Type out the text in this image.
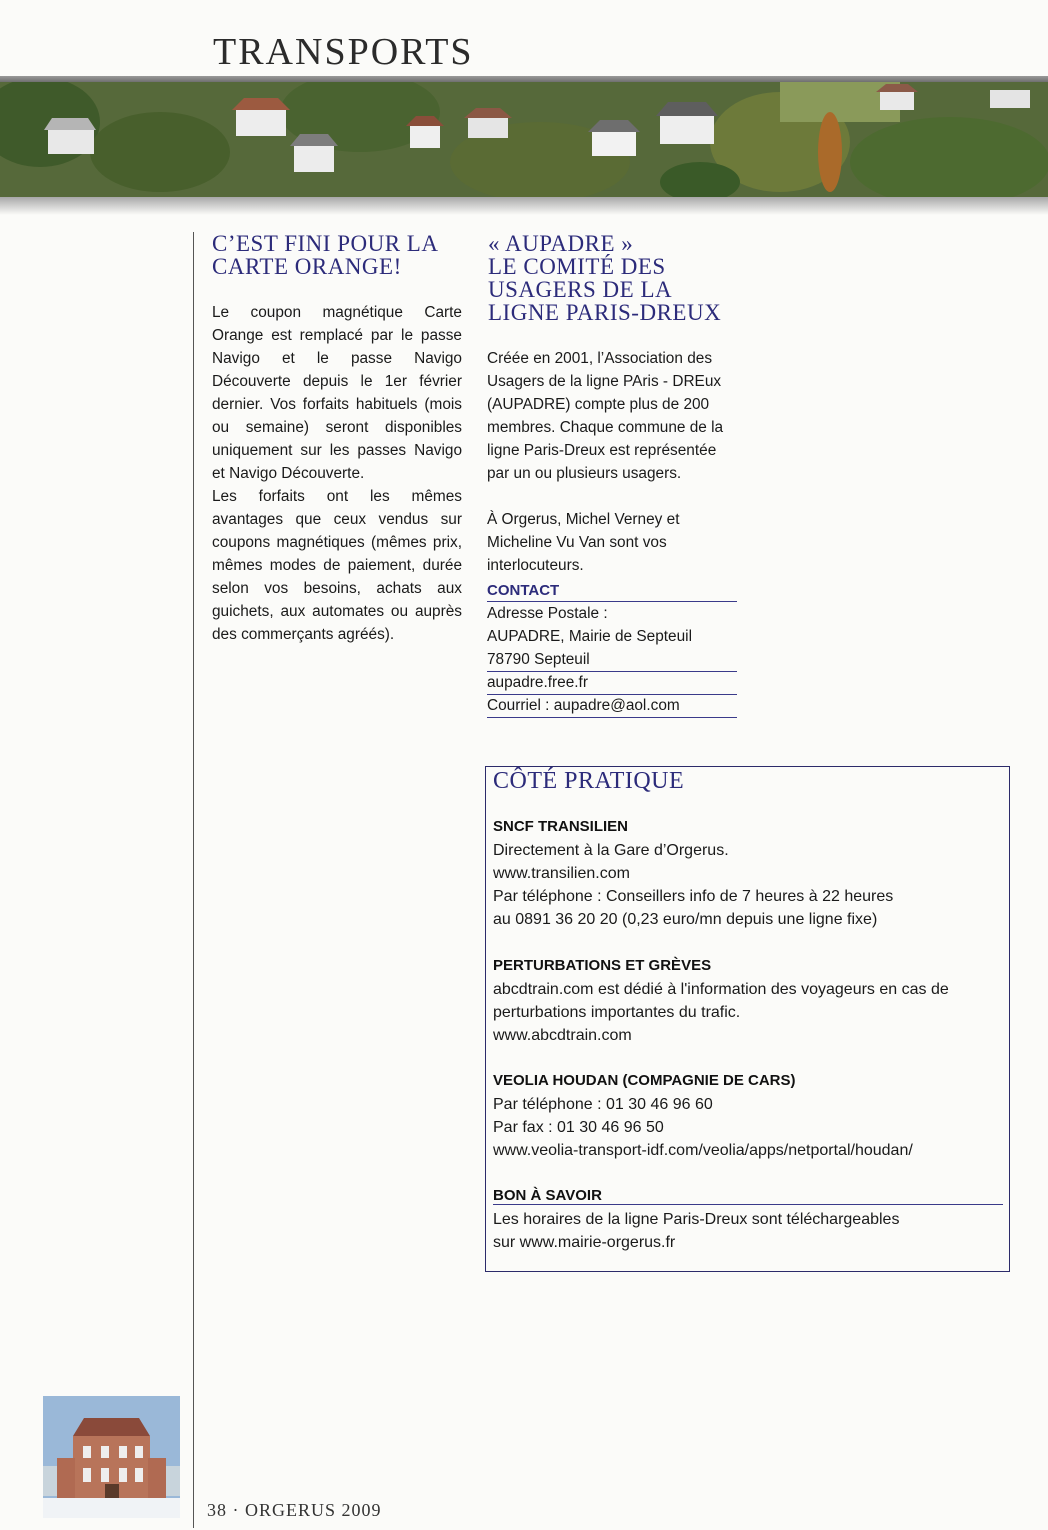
TRANSPORTS
C’EST FINI POUR LA
CARTE ORANGE!

Le coupon magnétique Carte Orange est remplacé par le passe Navigo et le passe Navigo Découverte depuis le 1er février dernier. Vos forfaits habituels (mois ou semaine) seront disponibles uniquement sur les passes Navigo et Navigo Découverte.

Les forfaits ont les mêmes avantages que ceux vendus sur coupons magnétiques (mêmes prix, mêmes modes de paiement, durée selon vos besoins, achats aux guichets, aux automates ou auprès des commerçants agréés).

« AUPADRE »
LE COMITÉ DES
USAGERS DE LA
LIGNE PARIS-DREUX

Créée en 2001, l’Association des Usagers de la ligne PAris - DREux (AUPADRE) compte plus de 200 membres. Chaque commune de la ligne Paris-Dreux est représentée par un ou plusieurs usagers.

À Orgerus, Michel Verney et Micheline Vu Van sont vos interlocuteurs.

CONTACT
Adresse Postale :
AUPADRE, Mairie de Septeuil
78790 Septeuil
aupadre.free.fr
Courriel : aupadre@aol.com
CÔTÉ PRATIQUE
SNCF TRANSILIEN
Directement à la Gare d’Orgerus.
www.transilien.com
Par téléphone : Conseillers info de 7 heures à 22 heures
au 0891 36 20 20 (0,23 euro/mn depuis une ligne fixe)
PERTURBATIONS ET GRÈVES
abcdtrain.com est dédié à l'information des voyageurs en cas de
perturbations importantes du trafic.
www.abcdtrain.com
VEOLIA HOUDAN (COMPAGNIE DE CARS)
Par téléphone : 01 30 46 96 60
Par fax : 01 30 46 96 50
www.veolia-transport-idf.com/veolia/apps/netportal/houdan/
BON À SAVOIR
Les horaires de la ligne Paris-Dreux sont téléchargeables
sur www.mairie-orgerus.fr
38 · ORGERUS 2009
